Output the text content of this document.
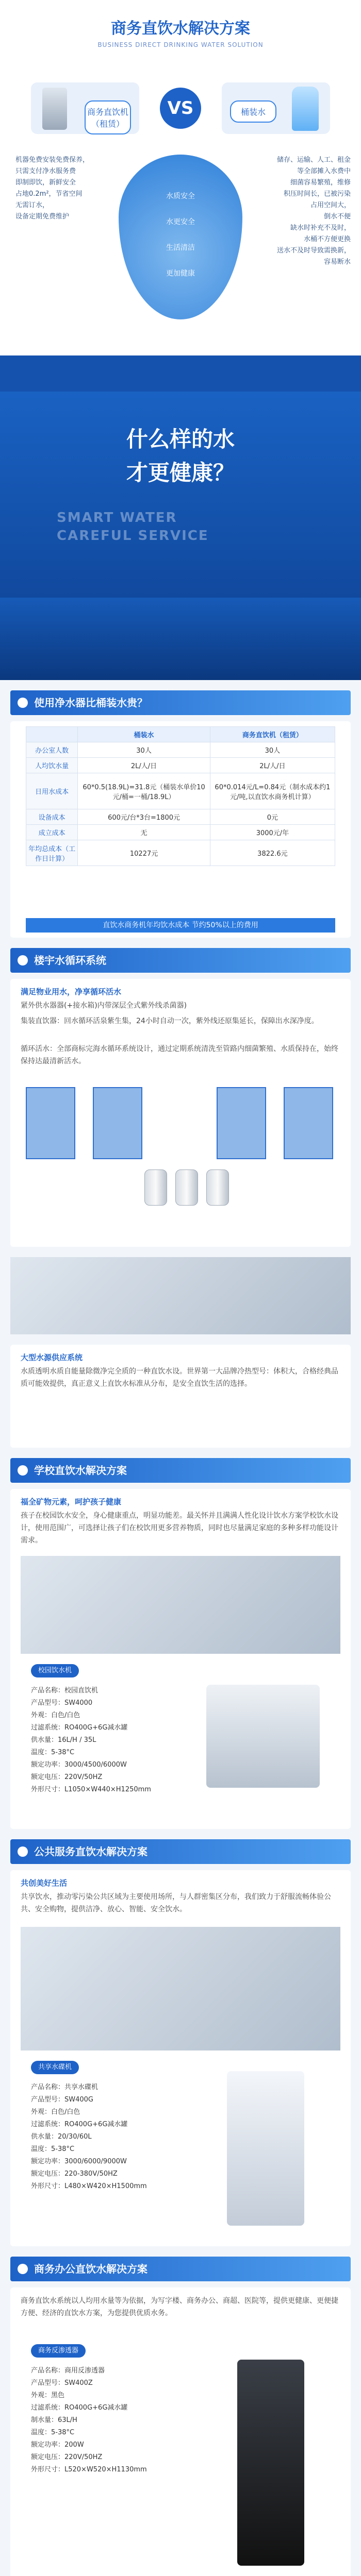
商务直饮水解决方案
BUSINESS DIRECT DRINKING WATER SOLUTION
商务直饮机（租赁）
VS	桶装水
机器免费安装免费保养，
只需支付净水服务费
即制即饮，新鲜安全
占地0.2m²，节省空间
无需订水，
设备定期免费维护
水质安全
水更安全
生活清洁
更加健康
储存、运输、人工、租金
等全部摊入水费中
细菌容易繁殖，维修
积压时间长，已被污染
占用空间大，
倒水不便
缺水时补充不及时，
水桶不方便更换
送水不及时导致需换新，
容易断水
什么样的水
才更健康？
SMART WATER
CAREFUL SERVICE
使用净水器比桶装水贵？
	桶装水	商务直饮机（租赁）
办公室人数	30人	30人
人均饮水量	2L/人/日	2L/人/日
日用水成本	60*0.5(18.9L)=31.8元（桶装水单价10元/桶=一桶/18.9L）	60*0.014元/L=0.84元（制水成本约1元/吨,以直饮水商务机计算）
设备成本	600元/台*3台=1800元	0元
成立成本	无	3000元/年
年均总成本（工作日计算）	10227元	3822.6元
直饮水商务机年均饮水成本 节约50%以上的费用
楼宇水循环系统
满足物业用水，净享循环活水
紧外供水器器(+接水箱)内带深层全式紫外线杀菌器)
集装直饮器：回水循环活泉紫生集，24小时自动一次，紫外线还原集延长，保障出水深净度。
循环活水：全部商标完海水循环系统设计，通过定期系统清洗至管路内细菌繁殖、水质保持在，始终保持达最清新活水。
大型水源供应系统
水质透明水质自能量除微净完全质的一种直饮水设。世界第一大品牌冷热型号：体积大，合格经典品质可能效提供，真正意义上直饮水标准从分布，是安全直饮生活的选择。
学校直饮水解决方案
福全矿物元素，呵护孩子健康
孩子在校园饮水安全，身心健康重点，明显功能差。最关怀并且满满人性化设计饮水方案学校饮水设计，使用范围广，可选择让孩子们在校饮用更多营养物质，同时也尽量满足家庭的多种多样功能设计需求。
校园饮水机
产品名称：校园直饮机
产品型号：SW4000
外观：白色/白色
过滤系统：RO400G+6G减水罐
供水量：16L/H / 35L
温度：5-38°C
额定功率：3000/4500/6000W
额定电压：220V/50HZ
外形尺寸：L1050×W440×H1250mm
公共服务直饮水解决方案
共创美好生活
共享饮水，推动零污染公共区域为主要使用场所，与人群密集区分布，我们致力于舒服流畅体验公共、安全购物，提供洁净、放心、智能、安全饮水。
共享水碟机
产品名称：共享水碟机
产品型号：SW400G
外观：白色/白色
过滤系统：RO400G+6G减水罐
供水量：20/30/60L
温度：5-38°C
额定功率：3000/6000/9000W
额定电压：220-380V/50HZ
外形尺寸：L480×W420×H1500mm
商务办公直饮水解决方案
商务直饮水系统以人均用水量等为依据，为写字楼、商务办公、商超、医院等，提供更健康、更便捷方便、经济的直饮水方案，为您提供优质水务。
商务反渗透器
产品名称：商用反渗透器
产品型号：SW400Z
外观：黑色
过滤系统：RO400G+6G减水罐
制水量：63L/H
温度：5-38°C
额定功率：200W
额定电压：220V/50HZ
外形尺寸：L520×W520×H1130mm
